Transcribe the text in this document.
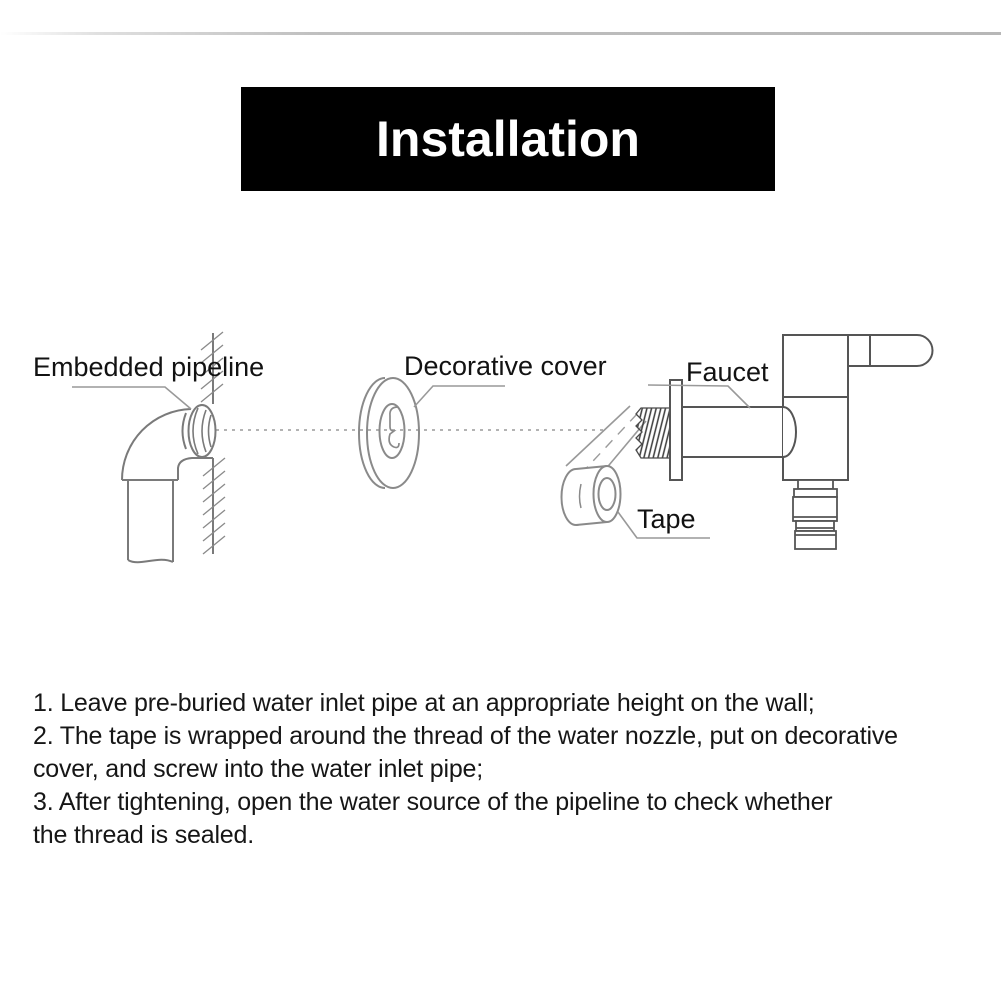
Installation
Embedded pipeline	Decorative cover	Faucet
Tape
1. Leave pre-buried water inlet pipe at an appropriate height on the wall;
2. The tape is wrapped around the thread of the water nozzle, put on decorative
cover, and screw into the water inlet pipe;
3. After tightening, open the water source of the pipeline to check whether
the thread is sealed.
